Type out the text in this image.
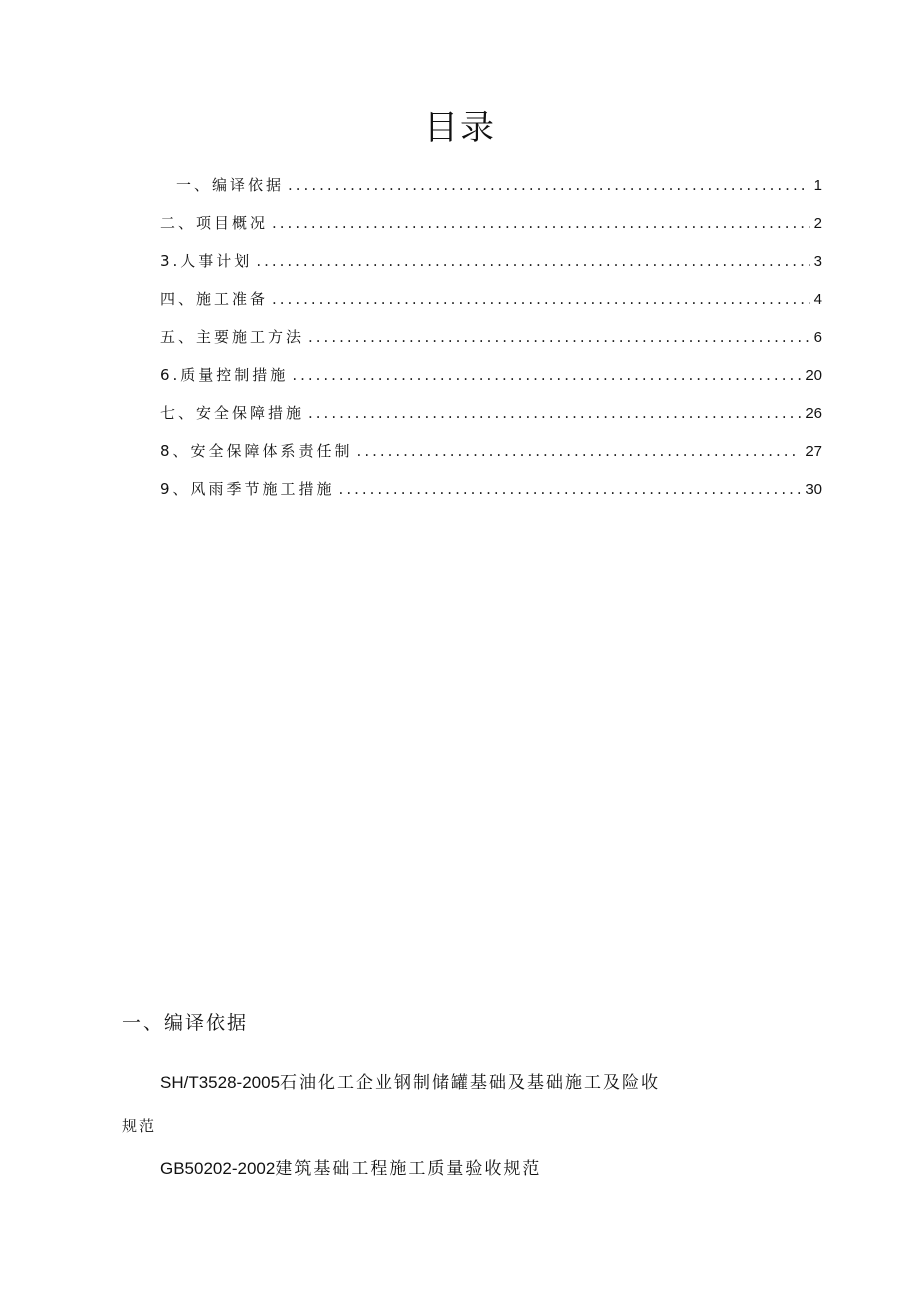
目录
一、编译依据 .....	1
二、项目概况 .....	2
3.人事计划 .....	3
四、施工准备 .....	4
五、主要施工方法 .....	6
6.质量控制措施 .....	20
七、安全保障措施 .....	26
8、安全保障体系责任制 .....	27
9、风雨季节施工措施 .....	30
一、编译依据

SH/T3528-2005石油化工企业钢制储罐基础及基础施工及险收

规范

GB50202-2002建筑基础工程施工质量验收规范
